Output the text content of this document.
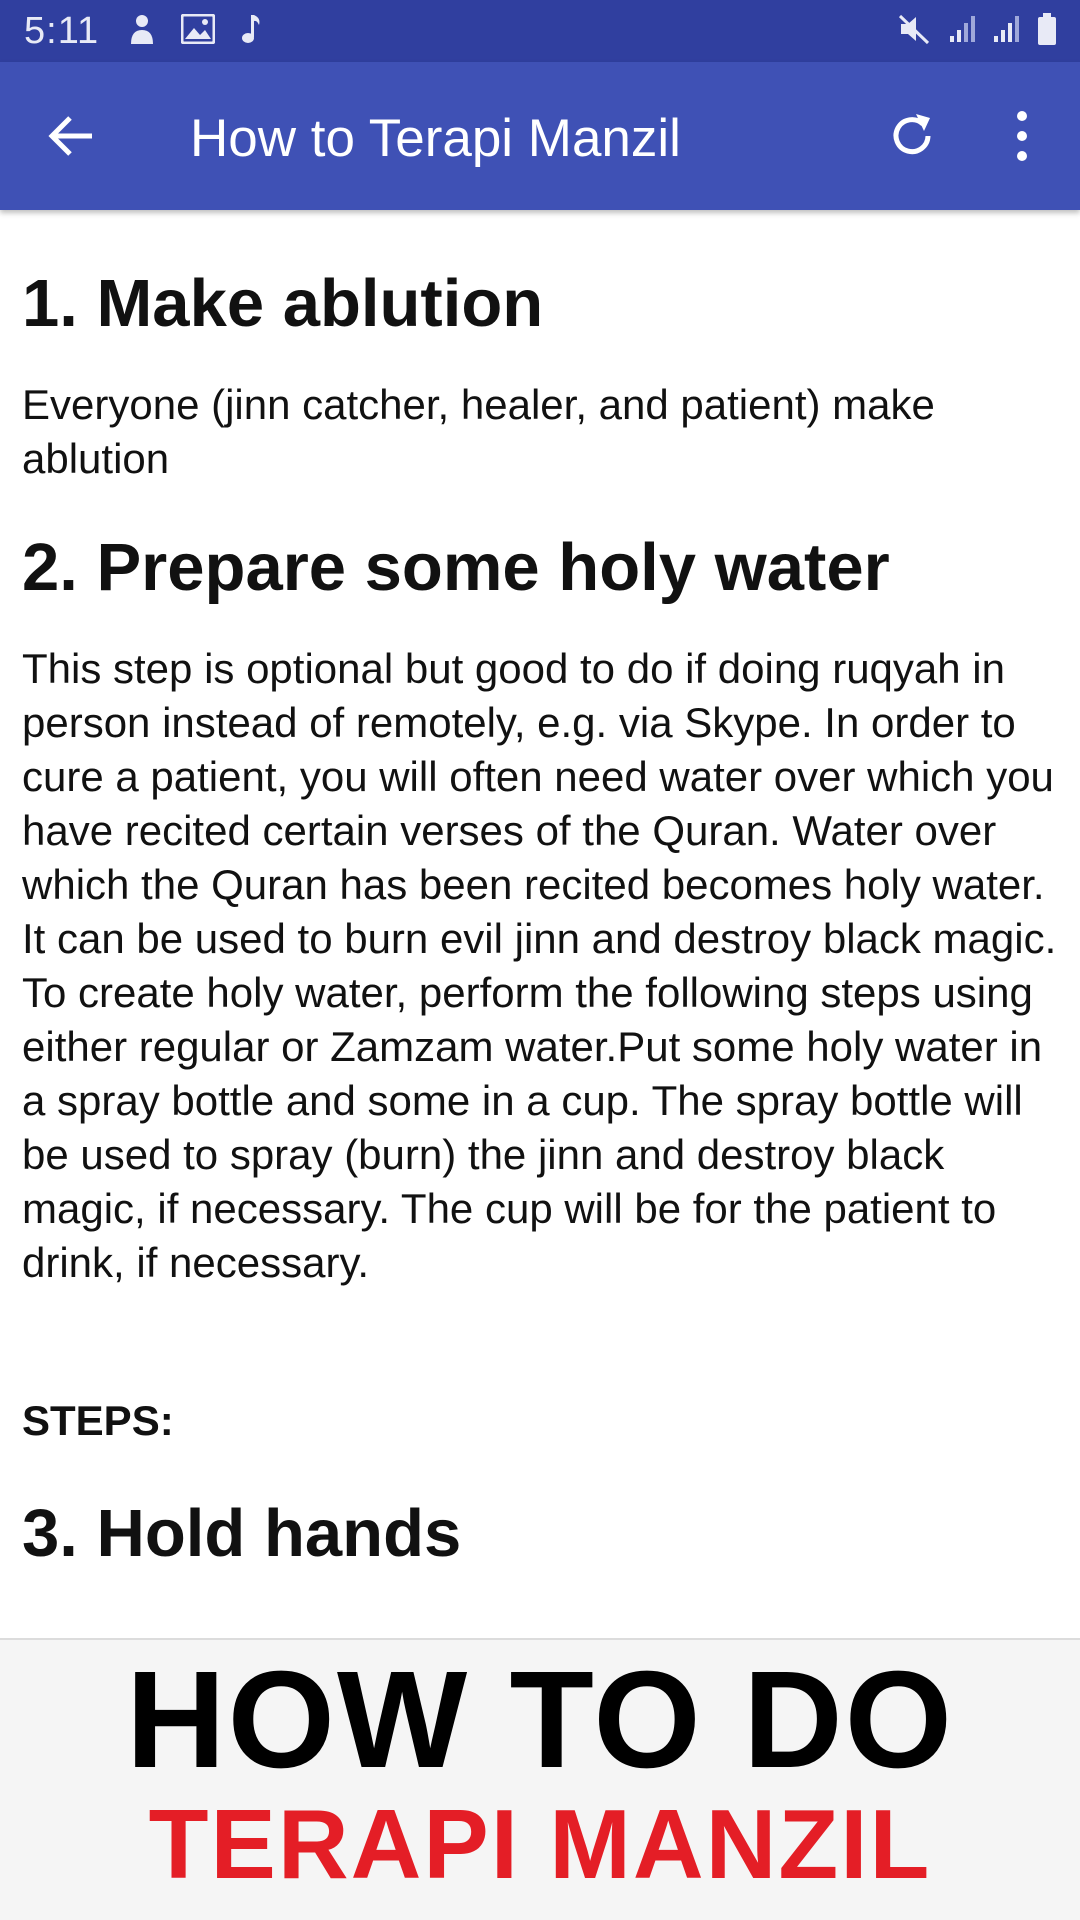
5:11
How to Terapi Manzil
1. Make ablution

Everyone (jinn catcher, healer, and patient) make ablution

2. Prepare some holy water

This step is optional but good to do if doing ruqyah in person instead of remotely, e.g. via Skype. In order to cure a patient, you will often need water over which you have recited certain verses of the Quran. Water over which the Quran has been recited becomes holy water. It can be used to burn evil jinn and destroy black magic. To create holy water, perform the following steps using either regular or Zamzam water.Put some holy water in a spray bottle and some in a cup. The spray bottle will be used to spray (burn) the jinn and destroy black magic, if necessary. The cup will be for the patient to drink, if necessary.

STEPS:

3. Hold hands
HOW TO DO
TERAPI MANZIL
